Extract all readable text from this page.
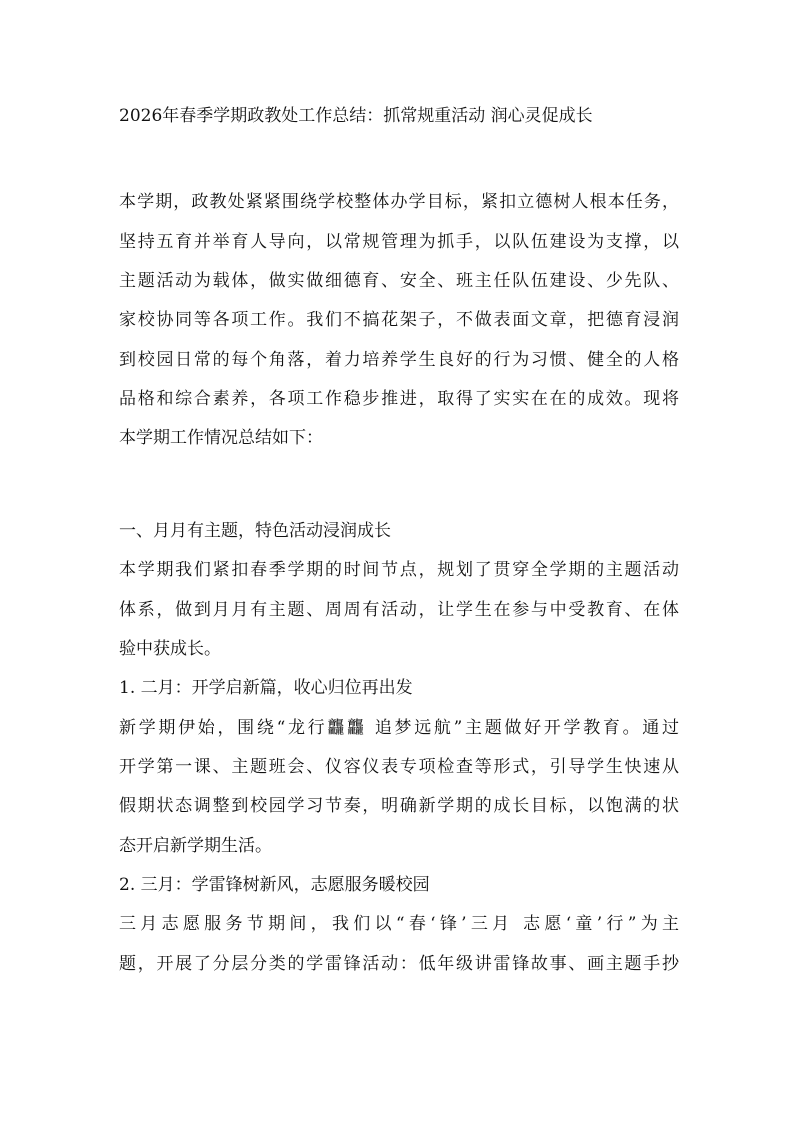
2026年春季学期政教处工作总结：抓常规重活动 润心灵促成长
本学期，政教处紧紧围绕学校整体办学目标，紧扣立德树人根本任务，
坚持五育并举育人导向，以常规管理为抓手，以队伍建设为支撑，以
主题活动为载体，做实做细德育、安全、班主任队伍建设、少先队、
家校协同等各项工作。我们不搞花架子，不做表面文章，把德育浸润
到校园日常的每个角落，着力培养学生良好的行为习惯、健全的人格
品格和综合素养，各项工作稳步推进，取得了实实在在的成效。现将
本学期工作情况总结如下：
一、月月有主题，特色活动浸润成长
本学期我们紧扣春季学期的时间节点，规划了贯穿全学期的主题活动
体系，做到月月有主题、周周有活动，让学生在参与中受教育、在体
验中获成长。
1. 二月：开学启新篇，收心归位再出发
新学期伊始，围绕“龙行龘龘 追梦远航”主题做好开学教育。通过
开学第一课、主题班会、仪容仪表专项检查等形式，引导学生快速从
假期状态调整到校园学习节奏，明确新学期的成长目标，以饱满的状
态开启新学期生活。
2. 三月：学雷锋树新风，志愿服务暖校园
三月志愿服务节期间，我们以“春‘锋’三月 志愿‘童’行”为主
题，开展了分层分类的学雷锋活动：低年级讲雷锋故事、画主题手抄
